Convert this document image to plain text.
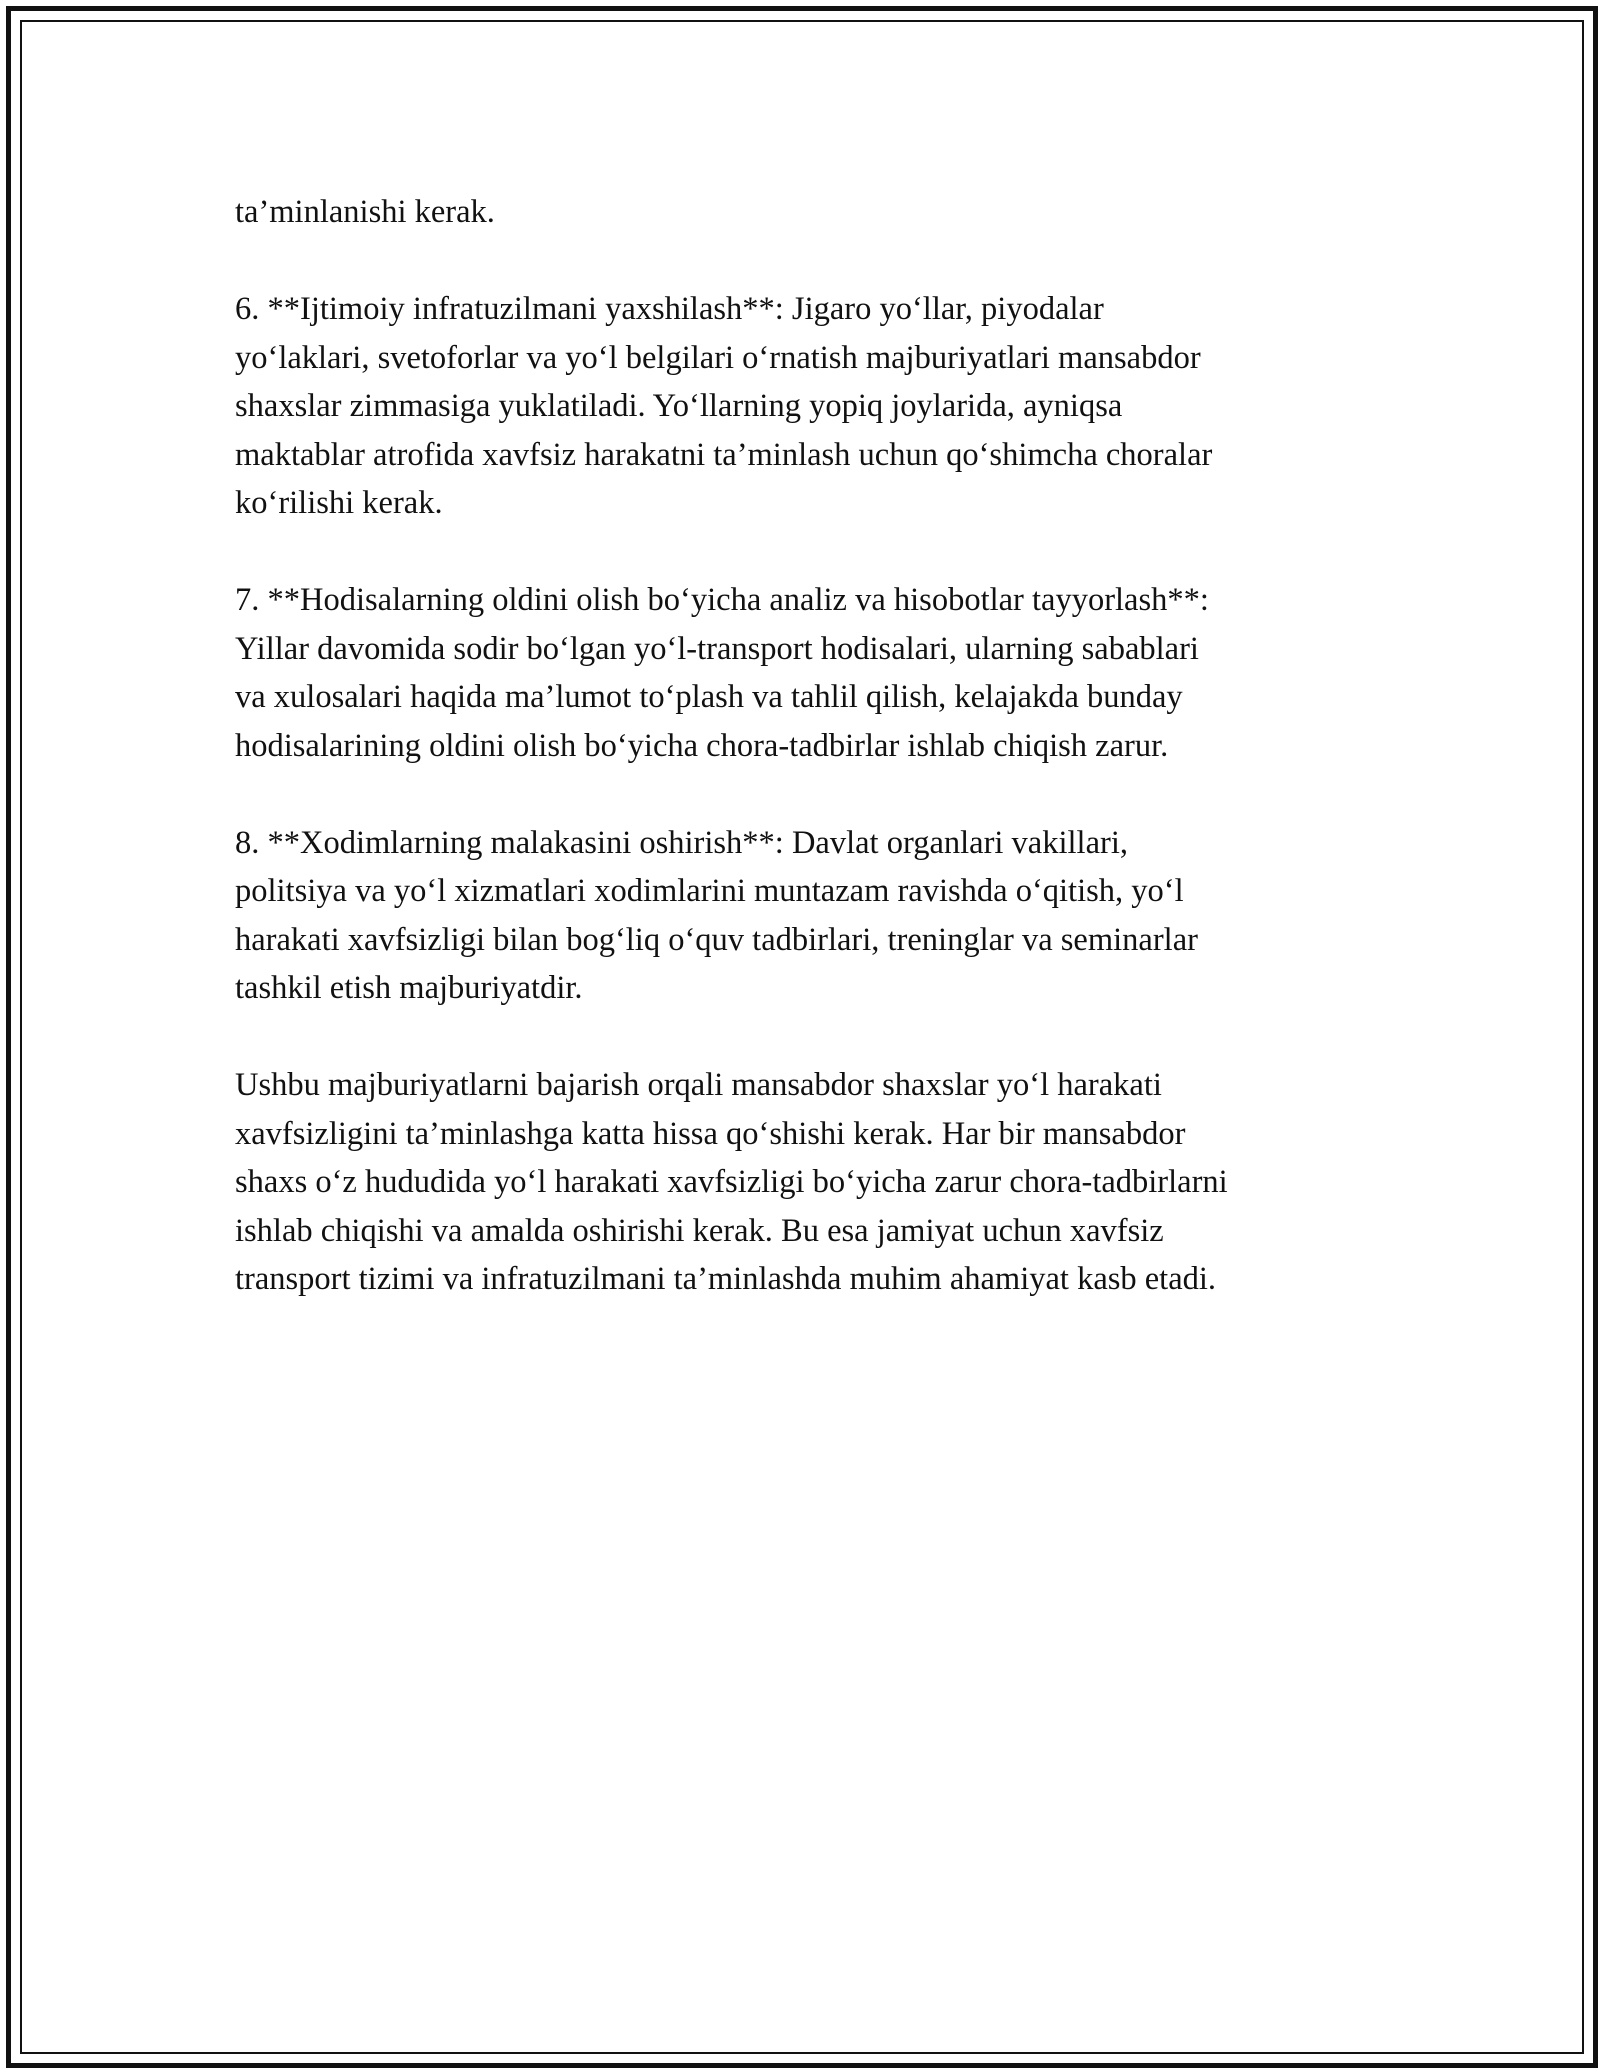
ta’minlanishi kerak.

6. **Ijtimoiy infratuzilmani yaxshilash**: Jigaro yo‘llar, piyodalar
yo‘laklari, svetoforlar va yo‘l belgilari o‘rnatish majburiyatlari mansabdor
shaxslar zimmasiga yuklatiladi. Yo‘llarning yopiq joylarida, ayniqsa
maktablar atrofida xavfsiz harakatni ta’minlash uchun qo‘shimcha choralar
ko‘rilishi kerak.

7. **Hodisalarning oldini olish bo‘yicha analiz va hisobotlar tayyorlash**:
Yillar davomida sodir bo‘lgan yo‘l-transport hodisalari, ularning sabablari
va xulosalari haqida ma’lumot to‘plash va tahlil qilish, kelajakda bunday
hodisalarining oldini olish bo‘yicha chora-tadbirlar ishlab chiqish zarur.

8. **Xodimlarning malakasini oshirish**: Davlat organlari vakillari,
politsiya va yo‘l xizmatlari xodimlarini muntazam ravishda o‘qitish, yo‘l
harakati xavfsizligi bilan bog‘liq o‘quv tadbirlari, treninglar va seminarlar
tashkil etish majburiyatdir.

Ushbu majburiyatlarni bajarish orqali mansabdor shaxslar yo‘l harakati
xavfsizligini ta’minlashga katta hissa qo‘shishi kerak. Har bir mansabdor
shaxs o‘z hududida yo‘l harakati xavfsizligi bo‘yicha zarur chora-tadbirlarni
ishlab chiqishi va amalda oshirishi kerak. Bu esa jamiyat uchun xavfsiz
transport tizimi va infratuzilmani ta’minlashda muhim ahamiyat kasb etadi.
